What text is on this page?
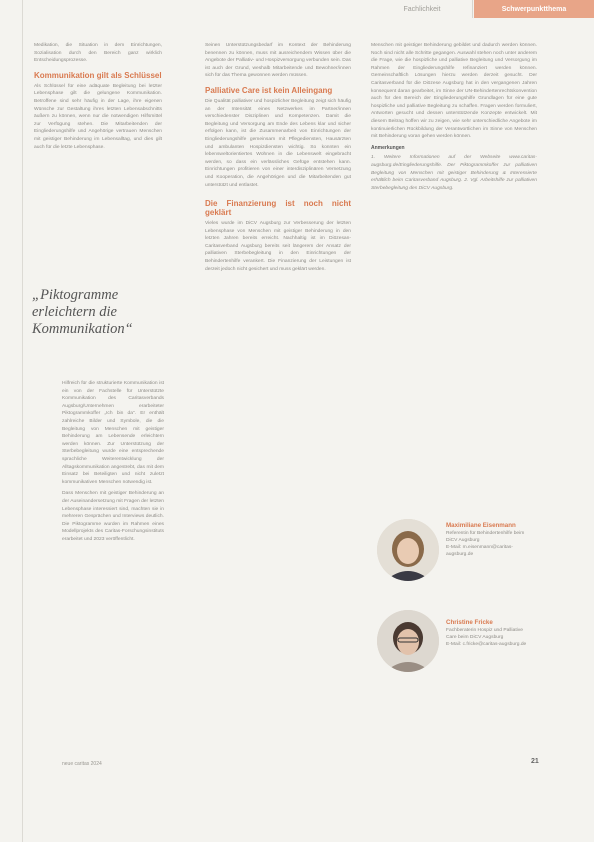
Fachlichkeit	Schwerpunktthema

Medikation, die Situation in dem Einrichtungen, Sozialisation durch den Bereich ganz wirklich Entscheidungsprozesse.

Kommunikation gilt als Schlüssel

Als Schlüssel für eine adäquate Begleitung bei letzter Lebensphase gilt die gelungene Kommunikation. Betroffene sind sehr häufig in der Lage, ihre eigenen Wünsche zur Gestaltung ihres letzten Lebensabschnitts äußern zu können, wenn nur die notwendigen Hilfsmittel zur Verfügung stehen. Die Mitarbeitenden der Eingliederungshilfe und Angehörige vertrauen Menschen mit geistiger Behinderung im Lebensalltag, und dies gilt auch für die letzte Lebensphase.

„Piktogramme erleichtern die Kommunikation“

Hilfreich für die strukturierte Kommunikation ist ein von der Fachstelle für Unterstützte Kommunikation des Caritasverbands Augsburg/Unternehmen erarbeiteter Piktogrammkoffer „Ich bin da“. Er enthält zahlreiche Bilder und Symbole, die die Begleitung von Menschen mit geistiger Behinderung am Lebensende erleichtern werden können. Zur Unterstützung der Sterbebegleitung wurde eine entsprechende sprachliche Weiterentwicklung der Alltagskommunikation angestrebt, das mit dem Einsatz bei Beteiligten und nicht zuletzt kommunikativen Menschen notwendig ist.

Dass Menschen mit geistiger Behinderung an der Auseinandersetzung mit Fragen der letzten Lebensphase interessiert sind, machten sie in mehreren Gesprächen und Interviews deutlich. Die Piktogramme wurden im Rahmen eines Modellprojekts des Caritas-Forschungsinstituts erarbeitet und 2023 veröffentlicht.

Seinen Unterstützungsbedarf im Kontext der Behinderung benennen zu können, muss mit ausreichendem Wissen über die Angebote der Palliativ- und Hospizversorgung verbunden sein. Das ist auch der Grund, weshalb Mitarbeitende und Bewohner/innen sich für das Thema gewonnen werden müssen.

Palliative Care ist kein Alleingang

Die Qualität palliativer und hospizlicher Begleitung zeigt sich häufig an der Intensität eines Netzwerkes im Partner/innen verschiedenster Disziplinen und Kompetenzen. Damit die Begleitung und Versorgung am Ende des Lebens klar und sicher erfolgen kann, ist die Zusammenarbeit von Einrichtungen der Eingliederungshilfe gemeinsam mit Pflegediensten, Hausärzten und ambulanten Hospizdiensten wichtig. So konnten ein lebensweltorientiertes Wohnen in die Lebenswelt eingebracht werden, so dass ein verlässliches Gefüge entstehen kann. Einrichtungen profitieren von einer interdisziplinären Vernetzung und Kooperation, die Angehörigen und die Mitarbeitenden gut unterstützt und entlastet.

Die Finanzierung ist noch nicht geklärt

Vieles wurde im DiCV Augsburg zur Verbesserung der letzten Lebensphase von Menschen mit geistiger Behinderung in den letzten Jahren bereits erreicht. Nachhaltig ist im Diözesan-Caritasverband Augsburg bereits seit längerem der Ansatz der palliativen Sterbebegleitung in den Einrichtungen der Behindertenhilfe verankert. Die Finanzierung der Leistungen ist derzeit jedoch nicht gesichert und muss geklärt werden.

Menschen mit geistiger Behinderung gebildet und dadurch werden können. Noch sind nicht alle Schritte gegangen. Auswahl stehen noch unter anderem die Frage, wie die hospizliche und palliative Begleitung und Versorgung im Rahmen der Eingliederungshilfe refinanziert werden können. Gemeinschaftlich Lösungen hierzu werden derzeit gesucht. Der Caritasverband für die Diözese Augsburg hat in den vergangenen Jahren konsequent daran gearbeitet, im Sinne der UN-Behindertenrechtskonvention auch für den Bereich der Eingliederungshilfe Grundlagen für eine gute hospizliche und palliative Begleitung zu schaffen. Fragen werden formuliert, Antworten gesucht und dessen unterstützende Konzepte entwickelt. Mit diesem Beitrag hoffen wir zu zeigen, wie sehr unterschiedliche Angebote im kontinuierlichen Rückbildung der Verantwortlichen im Sinne von Menschen mit Behinderung voran gehen werden können.

Anmerkungen

1. Weitere Informationen auf der Webseite www.caritas-augsburg.de/Eingliederungshilfe. Der Piktogrammkoffer zur palliativen Begleitung von Menschen mit geistiger Behinderung & Interessierte erhältlich beim Caritasverband Augsburg. 2. Vgl. Arbeitshilfe zur palliativen Sterbebegleitung des DiCV Augsburg.

Maximiliane Eisenmann
Referentin für Behindertenhilfe beim DiCV Augsburg
E-Mail: m.eisenmann@caritas-augsburg.de
Christine Fricke
Fachberaterin Hospiz und Palliative Care beim DiCV Augsburg
E-Mail: c.fricke@caritas-augsburg.de
neue caritas 2024	21
